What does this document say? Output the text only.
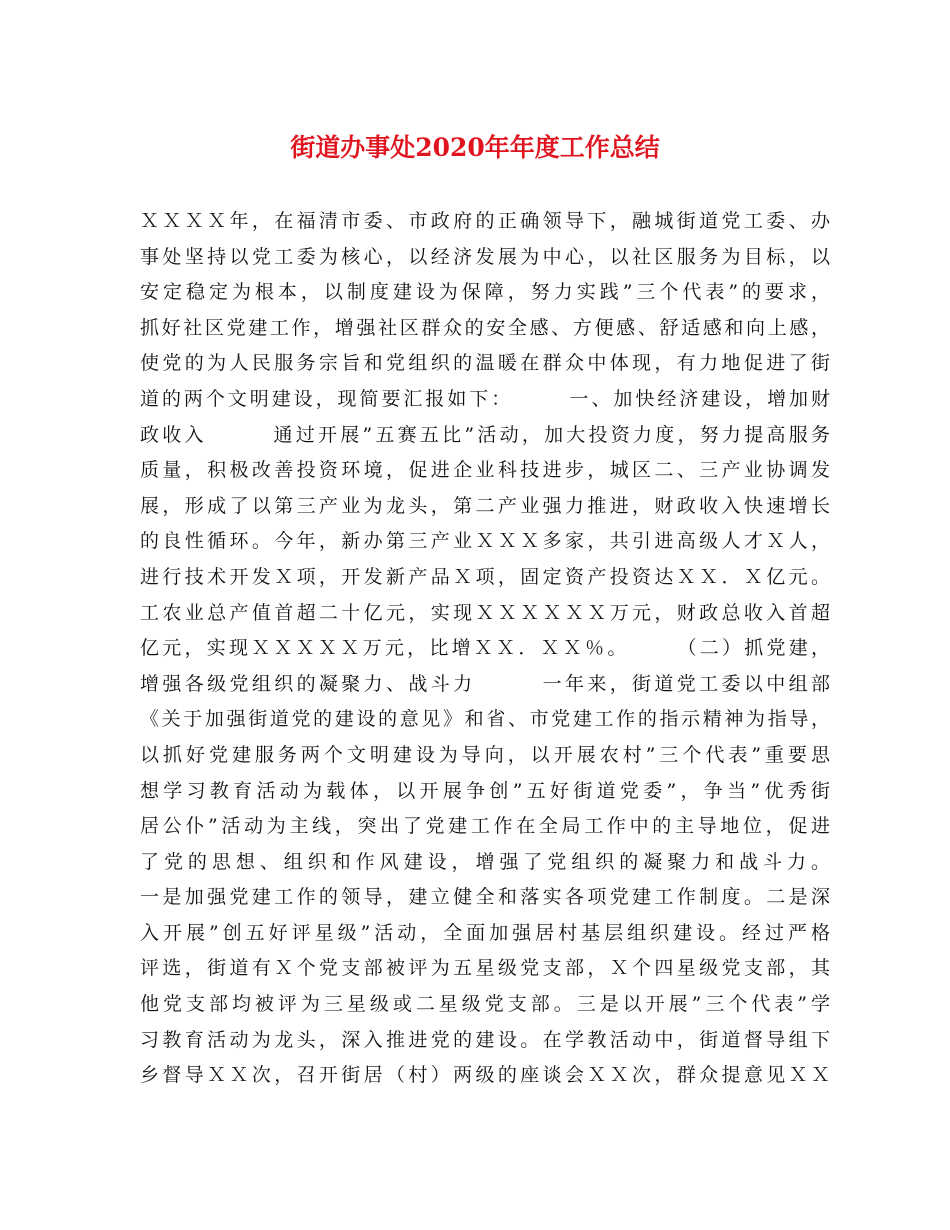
街道办事处2020年年度工作总结
ＸＸＸＸ年，在福清市委、市政府的正确领导下，融城街道党工委、办
事处坚持以党工委为核心，以经济发展为中心，以社区服务为目标，以
安定稳定为根本，以制度建设为保障，努力实践”三个代表”的要求，
抓好社区党建工作，增强社区群众的安全感、方便感、舒适感和向上感，
使党的为人民服务宗旨和党组织的温暖在群众中体现，有力地促进了街
道的两个文明建设，现简要汇报如下：　　　一、加快经济建设，增加财
政收入　　　通过开展”五赛五比”活动，加大投资力度，努力提高服务
质量，积极改善投资环境，促进企业科技进步，城区二、三产业协调发
展，形成了以第三产业为龙头，第二产业强力推进，财政收入快速增长
的良性循环。今年，新办第三产业ＸＸＸ多家，共引进高级人才Ｘ人，
进行技术开发Ｘ项，开发新产品Ｘ项，固定资产投资达ＸＸ．Ｘ亿元。
工农业总产值首超二十亿元，实现ＸＸＸＸＸＸ万元，财政总收入首超
亿元，实现ＸＸＸＸＸ万元，比增ＸＸ．ＸＸ％。　　　（二）抓党建，
增强各级党组织的凝聚力、战斗力　　　一年来，街道党工委以中组部
《关于加强街道党的建设的意见》和省、市党建工作的指示精神为指导，
以抓好党建服务两个文明建设为导向，以开展农村”三个代表”重要思
想学习教育活动为载体，以开展争创”五好街道党委”，争当”优秀街
居公仆”活动为主线，突出了党建工作在全局工作中的主导地位，促进
了党的思想、组织和作风建设，增强了党组织的凝聚力和战斗力。
一是加强党建工作的领导，建立健全和落实各项党建工作制度。二是深
入开展”创五好评星级”活动，全面加强居村基层组织建设。经过严格
评选，街道有Ｘ个党支部被评为五星级党支部，Ｘ个四星级党支部，其
他党支部均被评为三星级或二星级党支部。三是以开展”三个代表”学
习教育活动为龙头，深入推进党的建设。在学教活动中，街道督导组下
乡督导ＸＸ次，召开街居（村）两级的座谈会ＸＸ次，群众提意见ＸＸ
